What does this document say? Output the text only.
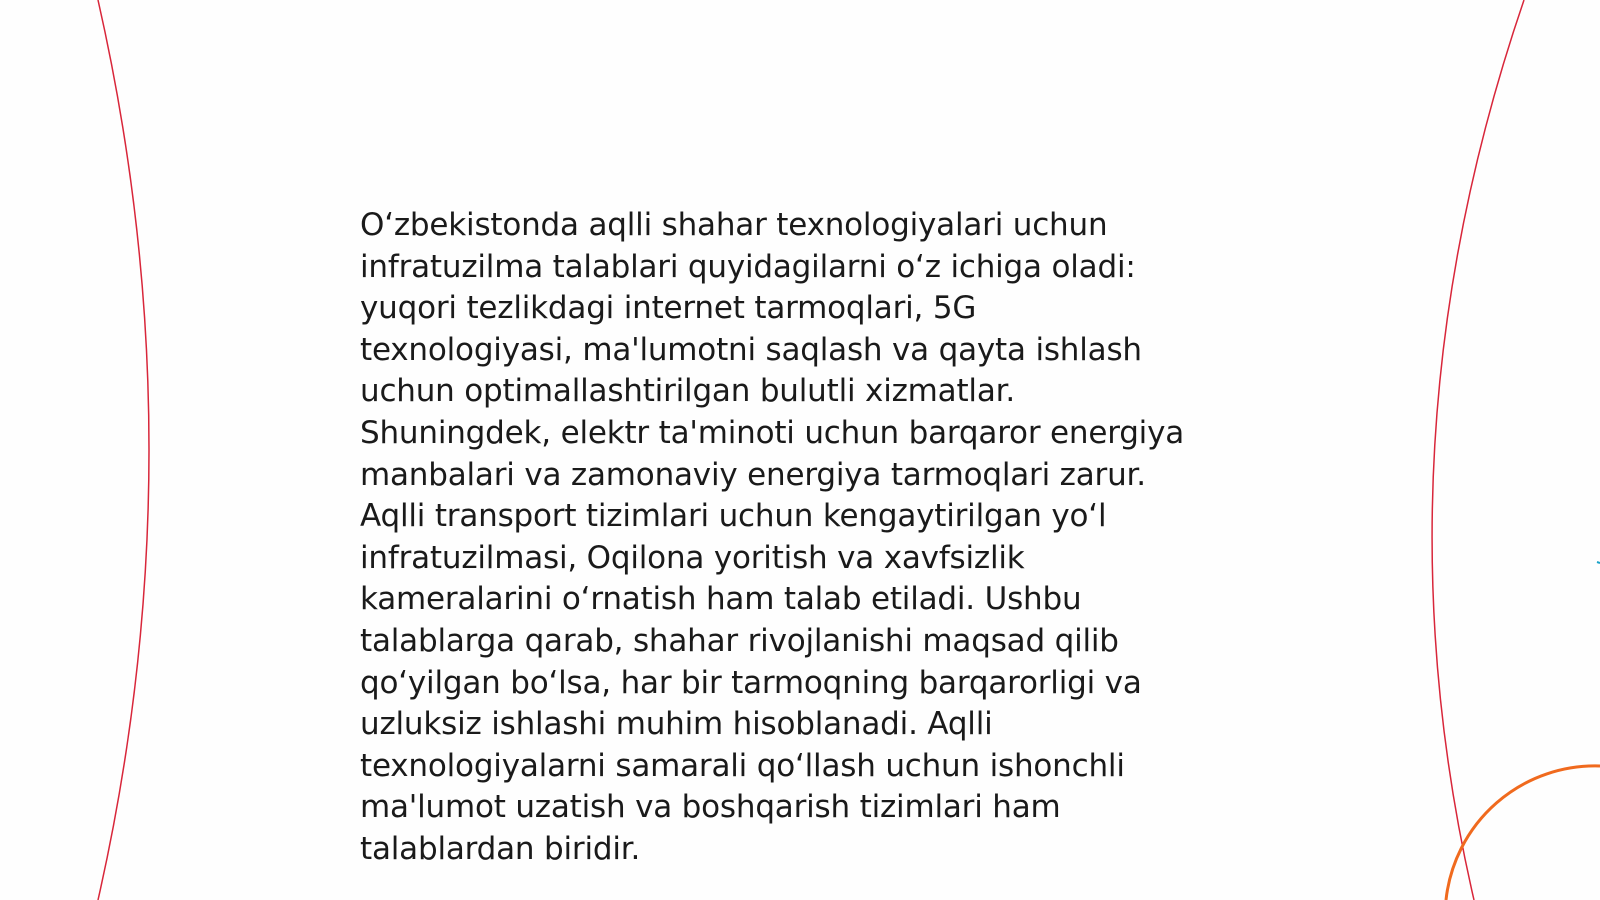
O‘zbekistonda aqlli shahar texnologiyalari uchun
infratuzilma talablari quyidagilarni o‘z ichiga oladi:
yuqori tezlikdagi internet tarmoqlari, 5G
texnologiyasi, ma'lumotni saqlash va qayta ishlash
uchun optimallashtirilgan bulutli xizmatlar.
Shuningdek, elektr ta'minoti uchun barqaror energiya
manbalari va zamonaviy energiya tarmoqlari zarur.
Aqlli transport tizimlari uchun kengaytirilgan yo‘l
infratuzilmasi, Oqilona yoritish va xavfsizlik
kameralarini o‘rnatish ham talab etiladi. Ushbu
talablarga qarab, shahar rivojlanishi maqsad qilib
qo‘yilgan bo‘lsa, har bir tarmoqning barqarorligi va
uzluksiz ishlashi muhim hisoblanadi. Aqlli
texnologiyalarni samarali qo‘llash uchun ishonchli
ma'lumot uzatish va boshqarish tizimlari ham
talablardan biridir.
